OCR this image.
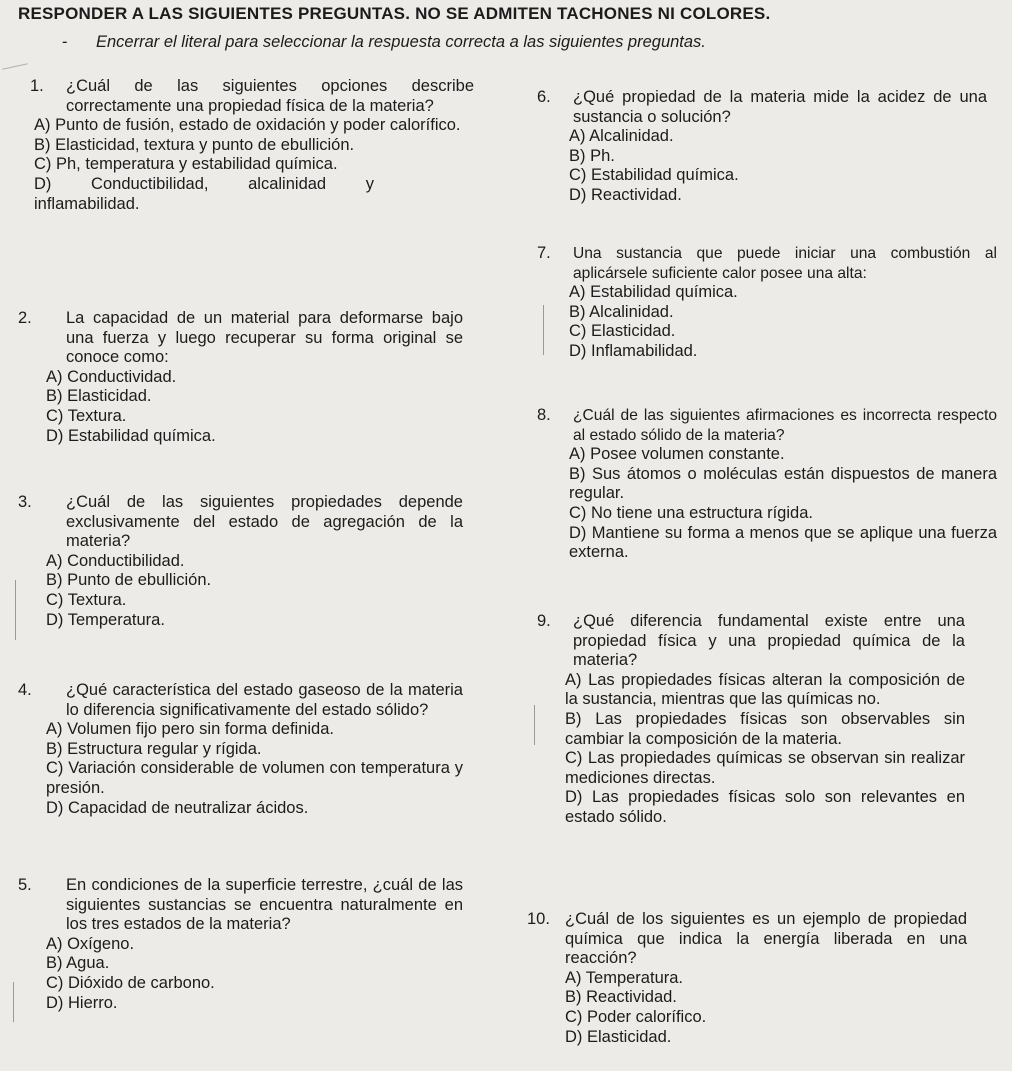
RESPONDER A LAS SIGUIENTES PREGUNTAS. NO SE ADMITEN TACHONES NI COLORES.
- Encerrar el literal para seleccionar la respuesta correcta a las siguientes preguntas.
1.	¿Cuál de las siguientes opciones describe correctamente una propiedad física de la materia?
A) Punto de fusión, estado de oxidación y poder calorífico.
B) Elasticidad, textura y punto de ebullición.
C) Ph, temperatura y estabilidad química.
D) Conductibilidad, alcalinidad y inflamabilidad.
2.	La capacidad de un material para deformarse bajo una fuerza y luego recuperar su forma original se conoce como:
A) Conductividad.
B) Elasticidad.
C) Textura.
D) Estabilidad química.
3.	¿Cuál de las siguientes propiedades depende exclusivamente del estado de agregación de la materia?
A) Conductibilidad.
B) Punto de ebullición.
C) Textura.
D) Temperatura.
4.	¿Qué característica del estado gaseoso de la materia lo diferencia significativamente del estado sólido?
A) Volumen fijo pero sin forma definida.
B) Estructura regular y rígida.
C) Variación considerable de volumen con temperatura y presión.
D) Capacidad de neutralizar ácidos.
5.	En condiciones de la superficie terrestre, ¿cuál de las siguientes sustancias se encuentra naturalmente en los tres estados de la materia?
A) Oxígeno.
B) Agua.
C) Dióxido de carbono.
D) Hierro.
6.	¿Qué propiedad de la materia mide la acidez de una sustancia o solución?
A) Alcalinidad.
B) Ph.
C) Estabilidad química.
D) Reactividad.
7.	Una sustancia que puede iniciar una combustión al aplicársele suficiente calor posee una alta:
A) Estabilidad química.
B) Alcalinidad.
C) Elasticidad.
D) Inflamabilidad.
8.	¿Cuál de las siguientes afirmaciones es incorrecta respecto al estado sólido de la materia?
A) Posee volumen constante.
B) Sus átomos o moléculas están dispuestos de manera regular.
C) No tiene una estructura rígida.
D) Mantiene su forma a menos que se aplique una fuerza externa.
9.	¿Qué diferencia fundamental existe entre una propiedad física y una propiedad química de la materia?
A) Las propiedades físicas alteran la composición de la sustancia, mientras que las químicas no.
B) Las propiedades físicas son observables sin cambiar la composición de la materia.
C) Las propiedades químicas se observan sin realizar mediciones directas.
D) Las propiedades físicas solo son relevantes en estado sólido.
10. ¿Cuál de los siguientes es un ejemplo de propiedad química que indica la energía liberada en una reacción?
A) Temperatura.
B) Reactividad.
C) Poder calorífico.
D) Elasticidad.
